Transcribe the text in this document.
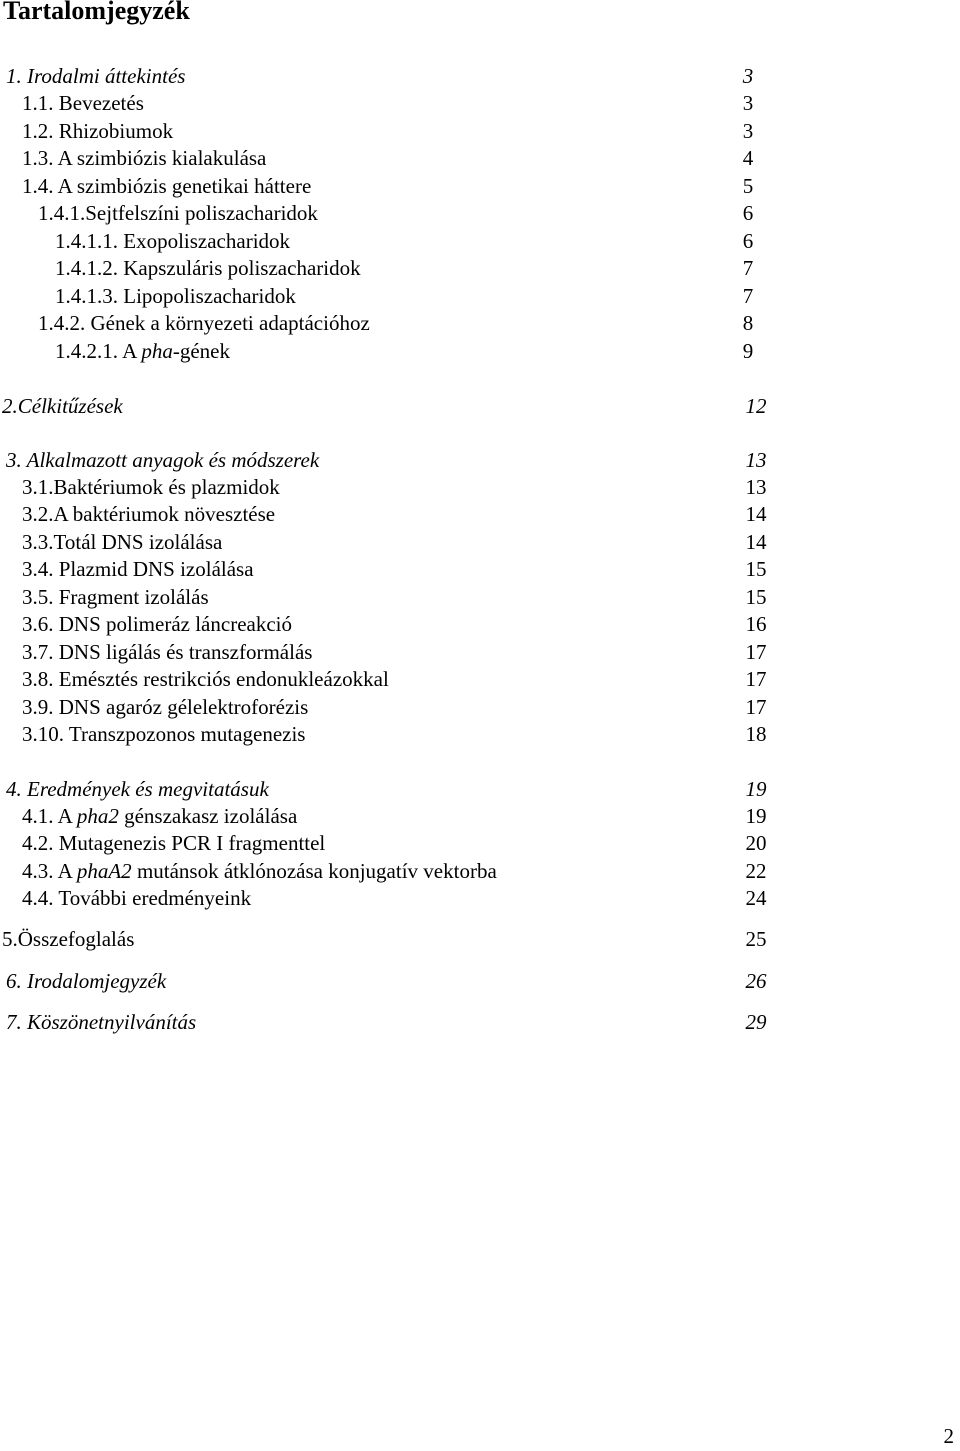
Tartalomjegyzék
1. Irodalmi áttekintés	3
1.1. Bevezetés	3
1.2. Rhizobiumok	3
1.3. A szimbiózis kialakulása	4
1.4. A szimbiózis genetikai háttere	5
1.4.1.Sejtfelszíni poliszacharidok	6
1.4.1.1. Exopoliszacharidok	6
1.4.1.2. Kapszuláris poliszacharidok	7
1.4.1.3. Lipopoliszacharidok	7
1.4.2. Gének a környezeti adaptációhoz	8
1.4.2.1. A pha-gének	9
2.Célkitűzések	12
3. Alkalmazott anyagok és módszerek	13
3.1.Baktériumok és plazmidok	13
3.2.A baktériumok növesztése	14
3.3.Totál DNS izolálása	14
3.4. Plazmid DNS izolálása	15
3.5. Fragment izolálás	15
3.6. DNS polimeráz láncreakció	16
3.7. DNS ligálás és transzformálás	17
3.8. Emésztés restrikciós endonukleázokkal	17
3.9. DNS agaróz gélelektroforézis	17
3.10. Transzpozonos mutagenezis	18
4. Eredmények és megvitatásuk	19
4.1. A pha2 génszakasz izolálása	19
4.2. Mutagenezis PCR I fragmenttel	20
4.3. A phaA2 mutánsok átklónozása konjugatív vektorba	22
4.4. További eredményeink	24
5.Összefoglalás	25
6. Irodalomjegyzék	26
7. Köszönetnyilvánítás	29
2
